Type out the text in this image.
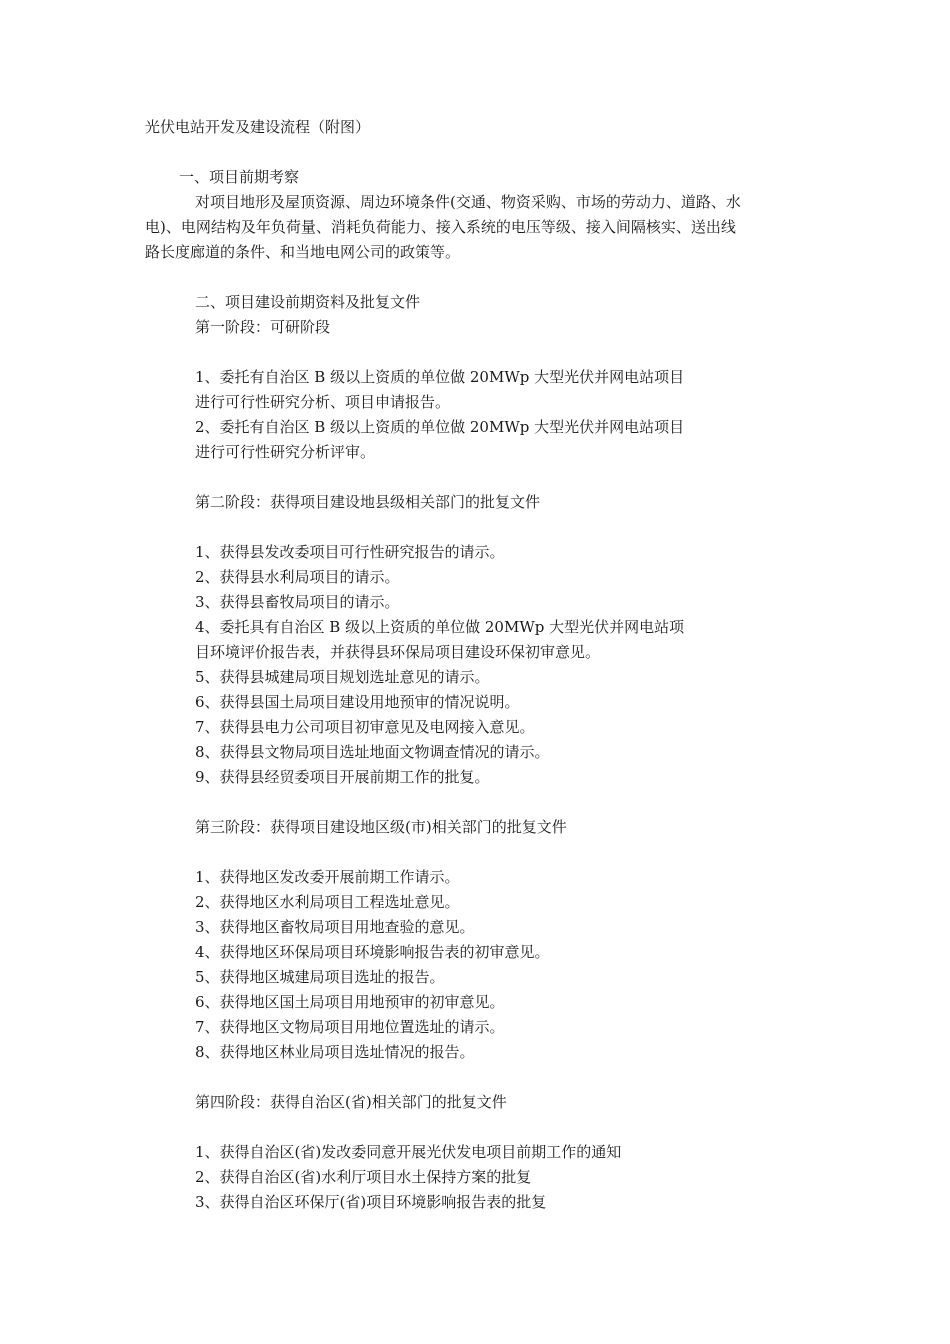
光伏电站开发及建设流程（附图）
一、项目前期考察
对项目地形及屋顶资源、周边环境条件(交通、物资采购、市场的劳动力、道路、水
电)、电网结构及年负荷量、消耗负荷能力、接入系统的电压等级、接入间隔核实、送出线
路长度廊道的条件、和当地电网公司的政策等。
二、项目建设前期资料及批复文件
第一阶段：可研阶段
1、委托有自治区 B 级以上资质的单位做 20MWp 大型光伏并网电站项目
进行可行性研究分析、项目申请报告。
2、委托有自治区 B 级以上资质的单位做 20MWp 大型光伏并网电站项目
进行可行性研究分析评审。
第二阶段：获得项目建设地县级相关部门的批复文件
1、获得县发改委项目可行性研究报告的请示。
2、获得县水利局项目的请示。
3、获得县畜牧局项目的请示。
4、委托具有自治区 B 级以上资质的单位做 20MWp 大型光伏并网电站项
目环境评价报告表，并获得县环保局项目建设环保初审意见。
5、获得县城建局项目规划选址意见的请示。
6、获得县国土局项目建设用地预审的情况说明。
7、获得县电力公司项目初审意见及电网接入意见。
8、获得县文物局项目选址地面文物调查情况的请示。
9、获得县经贸委项目开展前期工作的批复。
第三阶段：获得项目建设地区级(市)相关部门的批复文件
1、获得地区发改委开展前期工作请示。
2、获得地区水利局项目工程选址意见。
3、获得地区畜牧局项目用地查验的意见。
4、获得地区环保局项目环境影响报告表的初审意见。
5、获得地区城建局项目选址的报告。
6、获得地区国土局项目用地预审的初审意见。
7、获得地区文物局项目用地位置选址的请示。
8、获得地区林业局项目选址情况的报告。
第四阶段：获得自治区(省)相关部门的批复文件
1、获得自治区(省)发改委同意开展光伏发电项目前期工作的通知
2、获得自治区(省)水利厅项目水土保持方案的批复
3、获得自治区环保厅(省)项目环境影响报告表的批复
